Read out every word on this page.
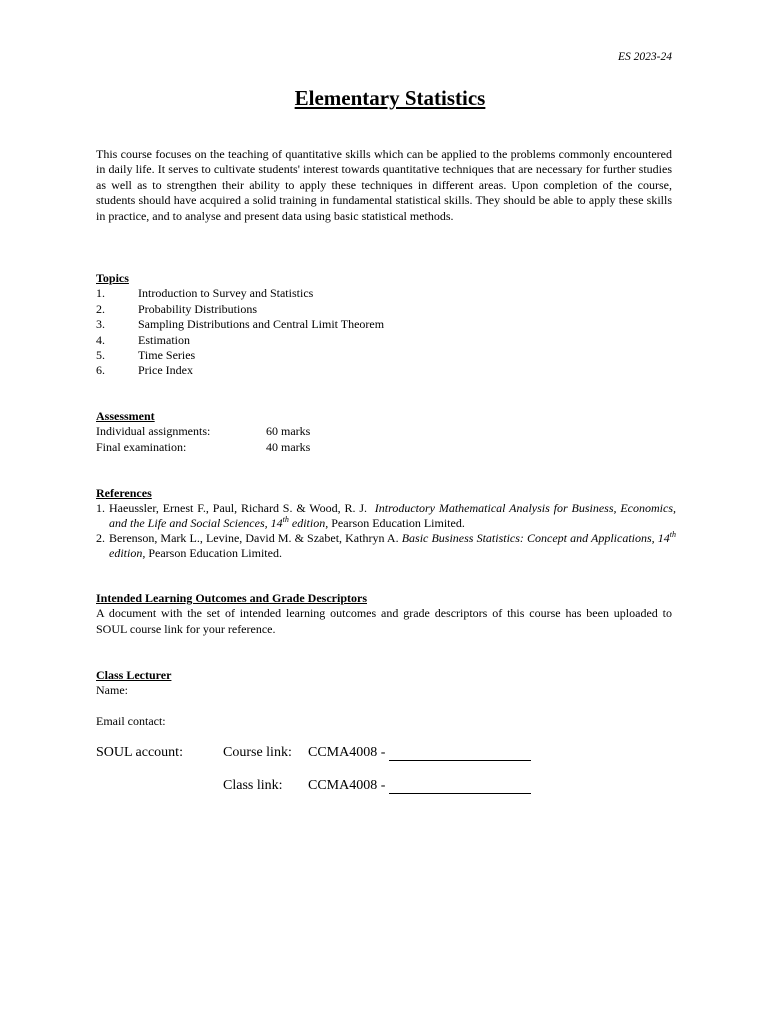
ES 2023-24
Elementary Statistics
This course focuses on the teaching of quantitative skills which can be applied to the problems commonly encountered in daily life. It serves to cultivate students' interest towards quantitative techniques that are necessary for further studies as well as to strengthen their ability to apply these techniques in different areas. Upon completion of the course, students should have acquired a solid training in fundamental statistical skills. They should be able to apply these skills in practice, and to analyse and present data using basic statistical methods.
Topics
1.	Introduction to Survey and Statistics
2.	Probability Distributions
3.	Sampling Distributions and Central Limit Theorem
4.	Estimation
5.	Time Series
6.	Price Index
Assessment
Individual assignments:	60 marks
Final examination:	40 marks
References
1. Haeussler, Ernest F., Paul, Richard S. & Wood, R. J. Introductory Mathematical Analysis for Business, Economics, and the Life and Social Sciences, 14th edition, Pearson Education Limited.
2. Berenson, Mark L., Levine, David M. & Szabet, Kathryn A. Basic Business Statistics: Concept and Applications, 14th edition, Pearson Education Limited.
Intended Learning Outcomes and Grade Descriptors
A document with the set of intended learning outcomes and grade descriptors of this course has been uploaded to SOUL course link for your reference.
Class Lecturer
Name:
Email contact:
SOUL account:	Course link: CCMA4008 -
Class link: CCMA4008 -
